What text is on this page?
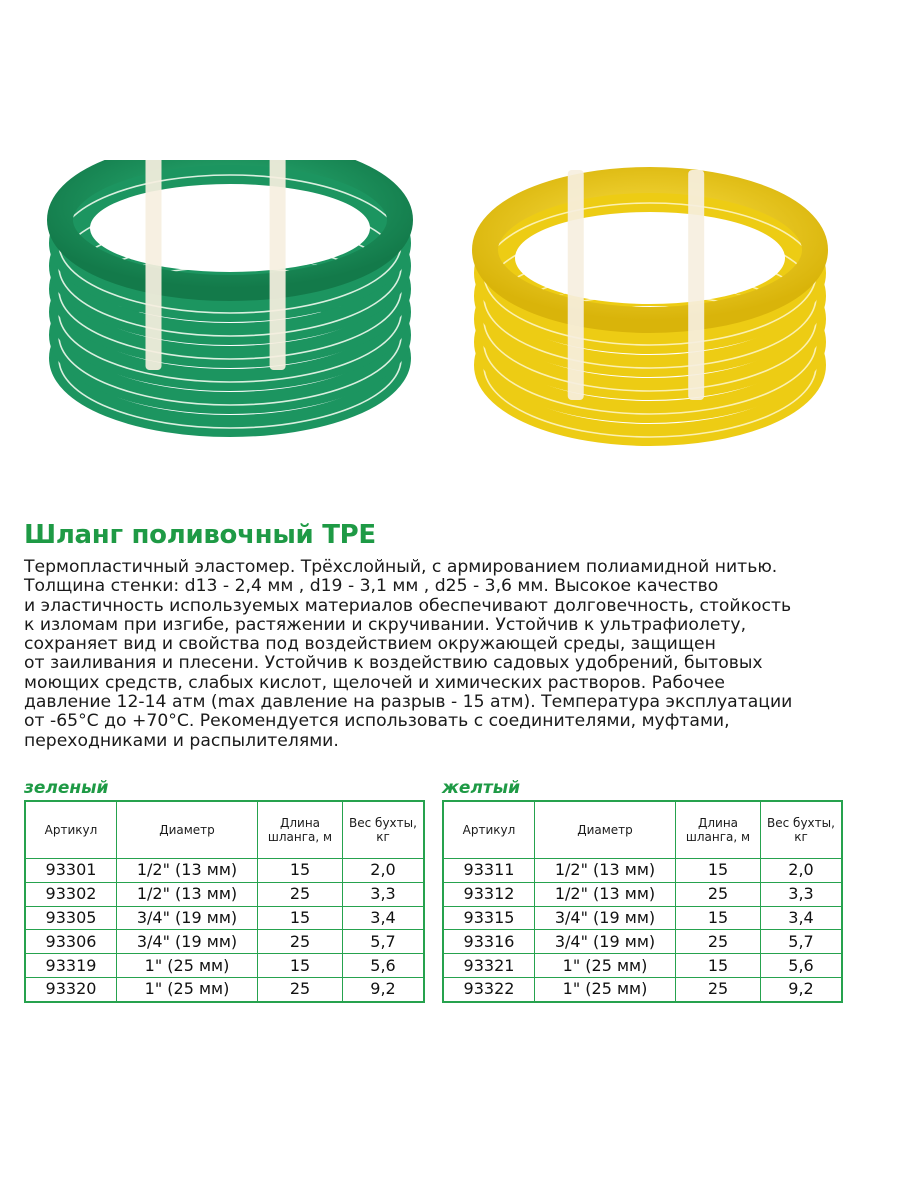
Шланг поливочный TPE
Термопластичный эластомер. Трёхслойный, с армированием полиамидной нитью.
Толщина стенки: d13 - 2,4 мм , d19 - 3,1 мм , d25 - 3,6 мм. Высокое качество
и эластичность используемых материалов обеспечивают долговечность, стойкость
к изломам при изгибе, растяжении и скручивании. Устойчив к ультрафиолету,
сохраняет вид и свойства под воздействием окружающей среды, защищен
от заиливания и плесени. Устойчив к воздействию садовых удобрений, бытовых
моющих средств, слабых кислот, щелочей и химических растворов. Рабочее
давление 12-14 атм (max давление на разрыв - 15 атм). Температура эксплуатации
от -65°С до +70°С. Рекомендуется использовать с соединителями, муфтами,
переходниками и распылителями.
зеленый	желтый
Артикул	Диаметр	Длина шланга, м	Вес бухты, кг
93301	1/2" (13 мм)	15	2,0
93302	1/2" (13 мм)	25	3,3
93305	3/4" (19 мм)	15	3,4
93306	3/4" (19 мм)	25	5,7
93319	1" (25 мм)	15	5,6
93320	1" (25 мм)	25	9,2
Артикул	Диаметр	Длина шланга, м	Вес бухты, кг
93311	1/2" (13 мм)	15	2,0
93312	1/2" (13 мм)	25	3,3
93315	3/4" (19 мм)	15	3,4
93316	3/4" (19 мм)	25	5,7
93321	1" (25 мм)	15	5,6
93322	1" (25 мм)	25	9,2
